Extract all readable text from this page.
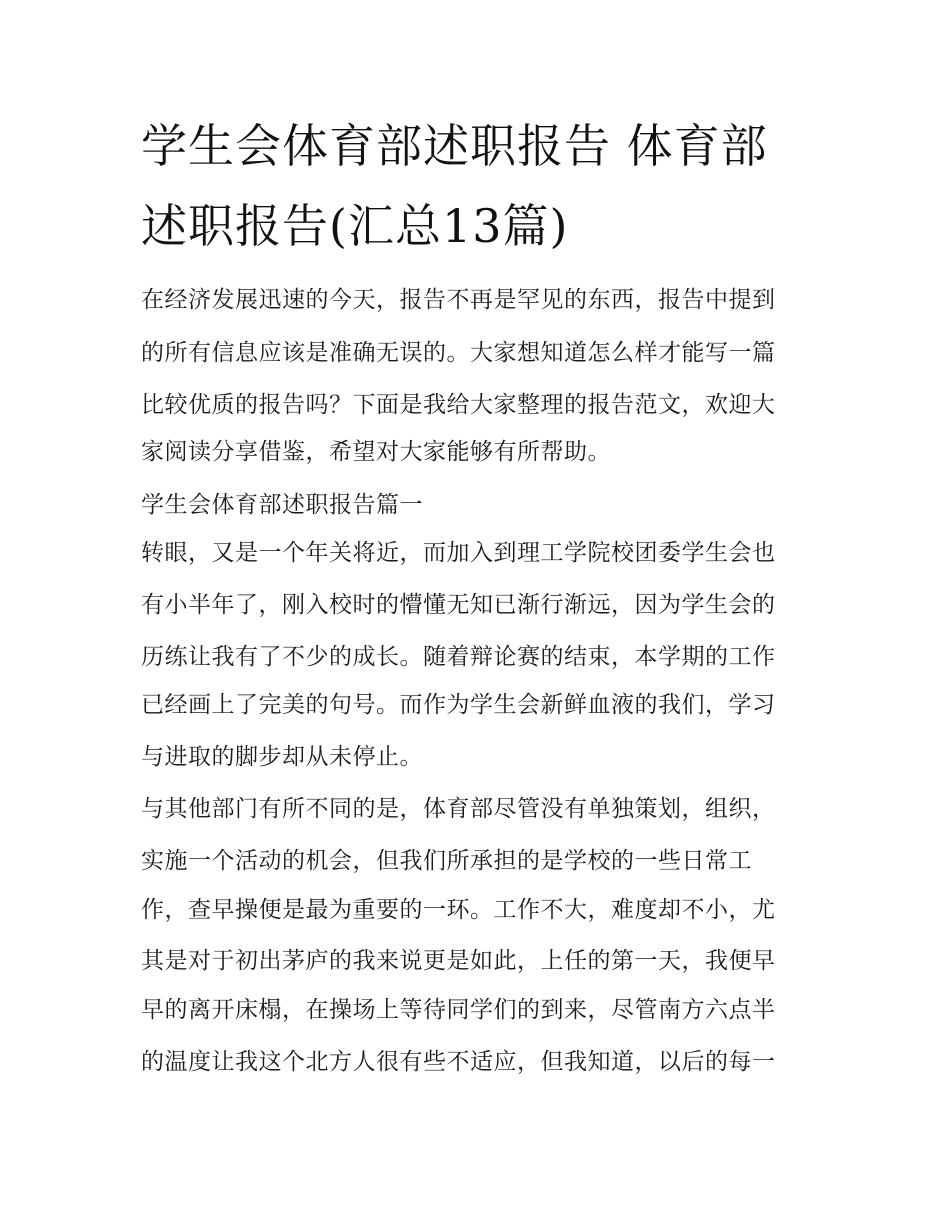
学生会体育部述职报告 体育部
述职报告(汇总13篇)
在经济发展迅速的今天，报告不再是罕见的东西，报告中提到
的所有信息应该是准确无误的。大家想知道怎么样才能写一篇
比较优质的报告吗？下面是我给大家整理的报告范文，欢迎大
家阅读分享借鉴，希望对大家能够有所帮助。
学生会体育部述职报告篇一
转眼，又是一个年关将近，而加入到理工学院校团委学生会也
有小半年了，刚入校时的懵懂无知已渐行渐远，因为学生会的
历练让我有了不少的成长。随着辩论赛的结束，本学期的工作
已经画上了完美的句号。而作为学生会新鲜血液的我们，学习
与进取的脚步却从未停止。
与其他部门有所不同的是，体育部尽管没有单独策划，组织，
实施一个活动的机会，但我们所承担的是学校的一些日常工
作，查早操便是最为重要的一环。工作不大，难度却不小，尤
其是对于初出茅庐的我来说更是如此，上任的第一天，我便早
早的离开床榻，在操场上等待同学们的到来，尽管南方六点半
的温度让我这个北方人很有些不适应，但我知道，以后的每一
